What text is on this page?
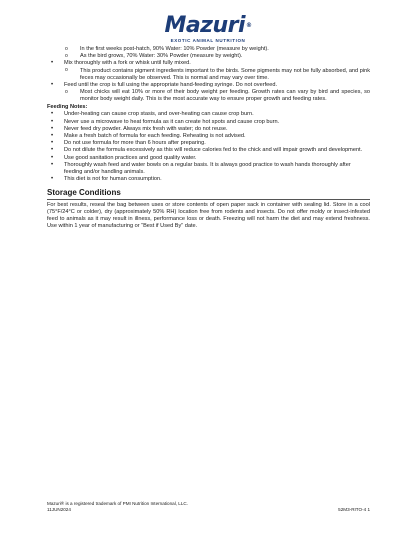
Mazuri®
EXOTIC ANIMAL NUTRITION
o In the first weeks post-hatch, 90% Water: 10% Powder (measure by weight).
o As the bird grows, 70% Water: 30% Powder (measure by weight).
• Mix thoroughly with a fork or whisk until fully mixed.
o This product contains pigment ingredients important to the birds. Some pigments may not be fully absorbed, and pink feces may occasionally be observed. This is normal and may vary over time.
• Feed until the crop is full using the appropriate hand-feeding syringe. Do not overfeed.
o Most chicks will eat 10% or more of their body weight per feeding. Growth rates can vary by bird and species, so monitor body weight daily. This is the most accurate way to ensure proper growth and feeding rates.
Feeding Notes:
• Under-heating can cause crop stasis, and over-heating can cause crop burn.
• Never use a microwave to heat formula as it can create hot spots and cause crop burn.
• Never feed dry powder. Always mix fresh with water; do not reuse.
• Make a fresh batch of formula for each feeding. Reheating is not advised.
• Do not use formula for more than 6 hours after preparing.
• Do not dilute the formula excessively as this will reduce calories fed to the chick and will impair growth and development.
• Use good sanitation practices and good quality water.
• Thoroughly wash feed and water bowls on a regular basis. It is always good practice to wash hands thoroughly after feeding and/or handling animals.
• This diet is not for human consumption.
Storage Conditions
For best results, reseal the bag between uses or store contents of open paper sack in container with sealing lid. Store in a cool (75°F/24°C or colder), dry (approximately 50% RH) location free from rodents and insects. Do not offer moldy or insect-infested feed to animals as it may result in illness, performance loss or death. Freezing will not harm the diet and may extend freshness. Use within 1 year of manufacturing or “Best if Used By” date.
Mazuri® is a registered trademark of PMI Nutrition International, LLC.
11JUN2024	52M3-RITO-4 1
